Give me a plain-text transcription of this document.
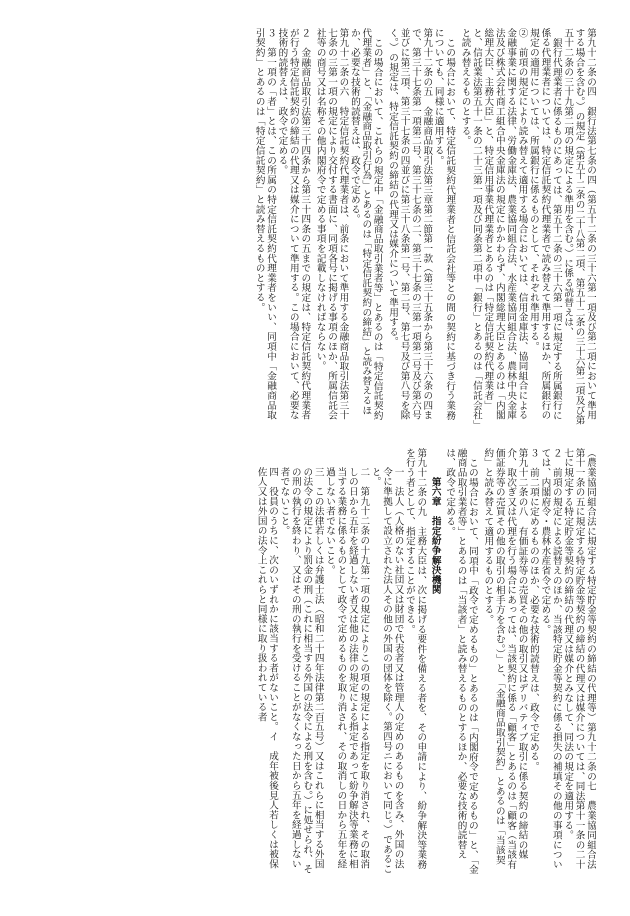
第九十二条の四　銀行法第七条の四（第五十二条の三十六第一項及び第二項において準用する場合を含む。）の規定（第五十二条の二十八第二項、第五十二条の三十六第二項及び第五十二条の三十九第二項の規定による準用を含む。）に係る読替えは、

銀行代理業者に係るものにあっては、第五十二条の三十六第一項に規定する所属銀行に係る代理業者については、特定信託契約代理業者で読み替えて準用するほか、所属銀行の規定の適用については、所属銀行に係るものとして、それぞれ準用する。

②　前項の規定により読み替えて適用する場合においては、信用金庫法、協同組合による金融事業に関する法律、労働金庫法、農業協同組合法、水産業協同組合法、農林中央金庫法及び株式会社商工組合中央金庫法の規定にかかわらず、内閣総理大臣とあるのは「内閣総理大臣、主務大臣」と、特定信用事業代理業者とあるのは「特定信託契約代理業者」と、信託業法第五十一条の二十三第一項及び同条第二項中「銀行」とあるのは「信託会社」と読み替えるものとする。

この場合において、特定信託契約代理業者と信託会社等との間の契約に基づき行う業務についても、同様に適用する。

第九十二条の五　金融商品取引法第三章第二節第一款（第三十五条から第三十六条の四まで、第三十七条第一項第二号、第三十七条の二、第三十七条の三第一項第二号及び第六号並びに第三項、第三十七条の四並びに第三十八条第一号、第二号、第七号及び第八号を除く。）の規定は、特定信託契約の締結の代理又は媒介について準用する。

この場合において、これらの規定中「金融商品取引業者等」とあるのは「特定信託契約代理業者」と、「金融商品取引行為」とあるのは「特定信託契約の締結」と読み替えるほか、必要な技術的読替えは、政令で定める。

第九十二条の六　特定信託契約代理業者は、前条において準用する金融商品取引法第三十七条の三第一項の規定により交付する書面に、同項各号に掲げる事項のほか、所属信託会社等の商号又は名称その他内閣府令で定める事項を記載しなければならない。

２　金融商品取引法第三十四条から第三十四条の五までの規定は、特定信託契約代理業者が行う特定信託契約の締結の代理又は媒介について準用する。この場合において、必要な技術的読替えは、政令で定める。

３　第一項の「者」とは、この所属の特定信託契約代理業者をいい、同項中「金融商品取引契約」とあるのは「特定信託契約」と読み替えるものとする。

（農業協同組合法に規定する特定貯金等契約の締結の代理等）第九十二条の七　農業協同組合法第十一条の五に規定する特定貯金等契約の締結の代理又は媒介については、同法第十一条の二十七に規定する特定貯金等契約の締結の代理又は媒介とみなして、同法の規定を適用する。

２　前項の規定による読替えのほか、当該特定貯金等契約に係る損失の補填その他の事項については、内閣府令・農林水産省令で定める。

３　前二項に定めるもののほか、必要な技術的読替えは、政令で定める。

第九十二条の八　有価証券等の売買その他の取引又はデリバティブ取引に係る契約の締結の媒介、取次ぎ又は代理を行う場合にあっては、当該契約に係る「顧客」とあるのは「顧客（当該有価証券等の売買その他の取引の相手方を含む。）」と、「金融商品取引契約」とあるのは「当該契約」と読み替えて適用するものとする。

この場合において、同項中「政令で定めるもの」とあるのは「内閣府令で定めるもの」と、「金融商品取引業者等」とあるのは「当該者」と読み替えるものとするほか、必要な技術的読替えは、政令で定める。

第六章　指定紛争解決機関

第九十二条の九　主務大臣は、次に掲げる要件を備える者を、その申請により、紛争解決等業務を行う者として、指定することができる。

一　法人（人格のない社団又は財団で代表者又は管理人の定めのあるものを含み、外国の法令に準拠して設立された法人その他の外国の団体を除く。第四号ニにおいて同じ。）であること。

二　第九十二条の十九第一項の規定によりこの項の規定による指定を取り消され、その取消しの日から五年を経過しない者又は他の法律の規定による指定であって紛争解決等業務に相当する業務に係るものとして政令で定めるものを取り消され、その取消しの日から五年を経過しない者でないこと。

三　この法律若しくは弁護士法（昭和二十四年法律第二百五号）又はこれらに相当する外国の法令の規定により罰金の刑（これに相当する外国の法令による刑を含む。）に処せられ、その刑の執行を終わり、又はその刑の執行を受けることがなくなった日から五年を経過しない者でないこと。

四　役員のうちに、次のいずれかに該当する者がないこと。イ　成年被後見人若しくは被保佐人又は外国の法令上これらと同様に取り扱われている者
